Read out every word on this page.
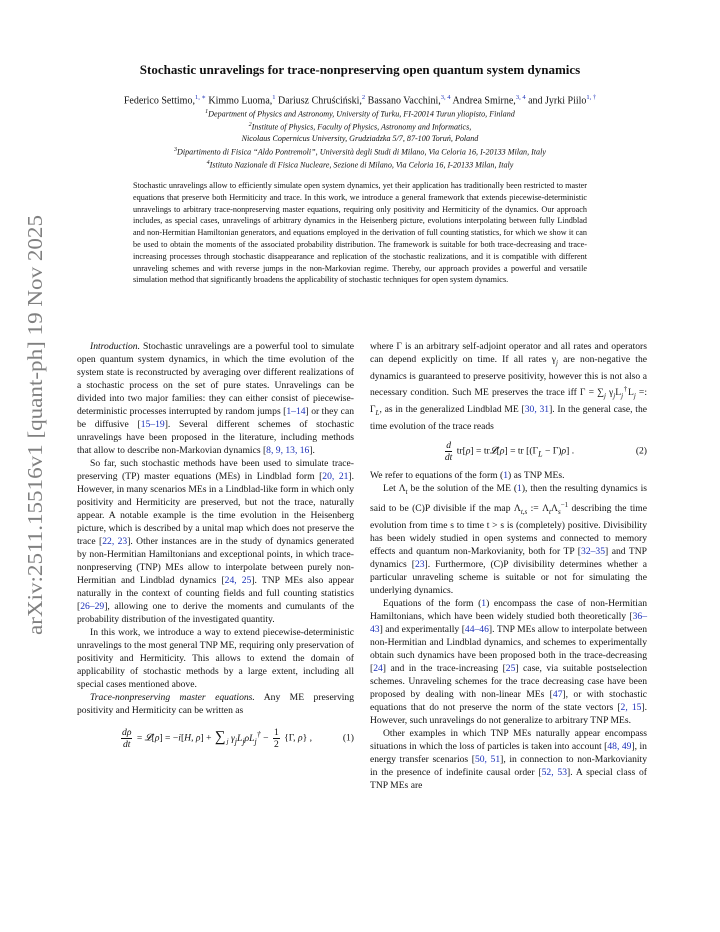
arXiv:2511.15516v1 [quant-ph] 19 Nov 2025
Stochastic unravelings for trace-nonpreserving open quantum system dynamics

Federico Settimo,$^{1, ∗}$ Kimmo Luoma,$^1$ Dariusz Chruściński,$^2$ Bassano Vacchini,$^{3, 4}$ Andrea Smirne,$^{3, 4}$ and Jyrki Piilo$^{1, \dagger}$

$^1$Department of Physics and Astronomy, University of Turku, FI-20014 Turun yliopisto, Finland
$^2$Institute of Physics, Faculty of Physics, Astronomy and Informatics,
Nicolaus Copernicus University, Grudziadzka 5/7, 87-100 Toruń, Poland
$^3$Dipartimento di Fisica “Aldo Pontremoli”, Università degli Studi di Milano, Via Celoria 16, I-20133 Milan, Italy
$^4$Istituto Nazionale di Fisica Nucleare, Sezione di Milano, Via Celoria 16, I-20133 Milan, Italy

Stochastic unravelings allow to efficiently simulate open system dynamics, yet their application has traditionally been restricted to master equations that preserve both Hermiticity and trace. In this work, we introduce a general framework that extends piecewise-deterministic unravelings to arbitrary trace-nonpreserving master equations, requiring only positivity and Hermiticity of the dynamics. Our approach includes, as special cases, unravelings of arbitrary dynamics in the Heisenberg picture, evolutions interpolating between fully Lindblad and non-Hermitian Hamiltonian generators, and equations employed in the derivation of full counting statistics, for which we show it can be used to obtain the moments of the associated probability distribution. The framework is suitable for both trace-decreasing and trace-increasing processes through stochastic disappearance and replication of the stochastic realizations, and it is compatible with different unraveling schemes and with reverse jumps in the non-Markovian regime. Thereby, our approach provides a powerful and versatile simulation method that significantly broadens the applicability of stochastic techniques for open system dynamics.

Introduction. Stochastic unravelings are a powerful tool to simulate open quantum system dynamics, in which the time evolution of the system state is reconstructed by averaging over different realizations of a stochastic process on the set of pure states. Unravelings can be divided into two major families: they can either consist of piecewise-deterministic processes interrupted by random jumps [1–14] or they can be diffusive [15–19]. Several different schemes of stochastic unravelings have been proposed in the literature, including methods that allow to describe non-Markovian dynamics [8, 9, 13, 16].

So far, such stochastic methods have been used to simulate trace-preserving (TP) master equations (MEs) in Lindblad form [20, 21]. However, in many scenarios MEs in a Lindblad-like form in which only positivity and Hermiticity are preserved, but not the trace, naturally appear. A notable example is the time evolution in the Heisenberg picture, which is described by a unital map which does not preserve the trace [22, 23]. Other instances are in the study of dynamics generated by non-Hermitian Hamiltonians and exceptional points, in which trace-nonpreserving (TNP) MEs allow to interpolate between purely non-Hermitian and Lindblad dynamics [24, 25]. TNP MEs also appear naturally in the context of counting fields and full counting statistics [26–29], allowing one to derive the moments and cumulants of the probability distribution of the investigated quantity.

In this work, we introduce a way to extend piecewise-deterministic unravelings to the most general TNP ME, requiring only preservation of positivity and Hermiticity. This allows to extend the domain of applicability of stochastic methods by a large extent, including all special cases mentioned above.

Trace-nonpreserving master equations. Any ME preserving positivity and Hermiticity can be written as

$\frac{d\rho}{dt}$ = 𝓛[ρ] = −i[H, $\rho] + \sum_j$ $\gamma_jL_j\rho L_j^\dagger - \frac{1}{2} \{\Gamma$, ρ} ,	(1)

where Γ is an arbitrary self-adjoint operator and all rates and operators can depend explicitly on time. If all rates $\gamma_j$ are non-negative the dynamics is guaranteed to preserve positivity, however this is not also a necessary condition. Such ME preserves the trace iff $\Gamma = \sum_j$ $\gamma_jL_j^\dagger L_j$ =: $\Gamma_L$, as in the generalized Lindblad ME [30, 31]. In the general case, the time evolution of the trace reads

$\frac{d}{dt} tr[\rho]$ = tr𝓛[ρ] = tr $[(\Gamma_L - \Gamma)\rho]$ .	(2)

We refer to equations of the form (1) as TNP MEs.

Let $\Lambda_t$ be the solution of the ME (1), then the resulting dynamics is said to be (C)P divisible if the map $\Lambda_{t,s}$ := $\Lambda_t\Lambda_s^{-1}$ describing the time evolution from time s to time t > s is (completely) positive. Divisibility has been widely studied in open systems and connected to memory effects and quantum non-Markovianity, both for TP [32–35] and TNP dynamics [23]. Furthermore, (C)P divisibility determines whether a particular unraveling scheme is suitable or not for simulating the underlying dynamics.

Equations of the form (1) encompass the case of non-Hermitian Hamiltonians, which have been widely studied both theoretically [36–43] and experimentally [44–46]. TNP MEs allow to interpolate between non-Hermitian and Lindblad dynamics, and schemes to experimentally obtain such dynamics have been proposed both in the trace-decreasing [24] and in the trace-increasing [25] case, via suitable postselection schemes. Unraveling schemes for the trace decreasing case have been proposed by dealing with non-linear MEs [47], or with stochastic equations that do not preserve the norm of the state vectors [2, 15]. However, such unravelings do not generalize to arbitrary TNP MEs.

Other examples in which TNP MEs naturally appear encompass situations in which the loss of particles is taken into account [48, 49], in energy transfer scenarios [50, 51], in connection to non-Markovianity in the presence of indefinite causal order [52, 53]. A special class of TNP MEs are
